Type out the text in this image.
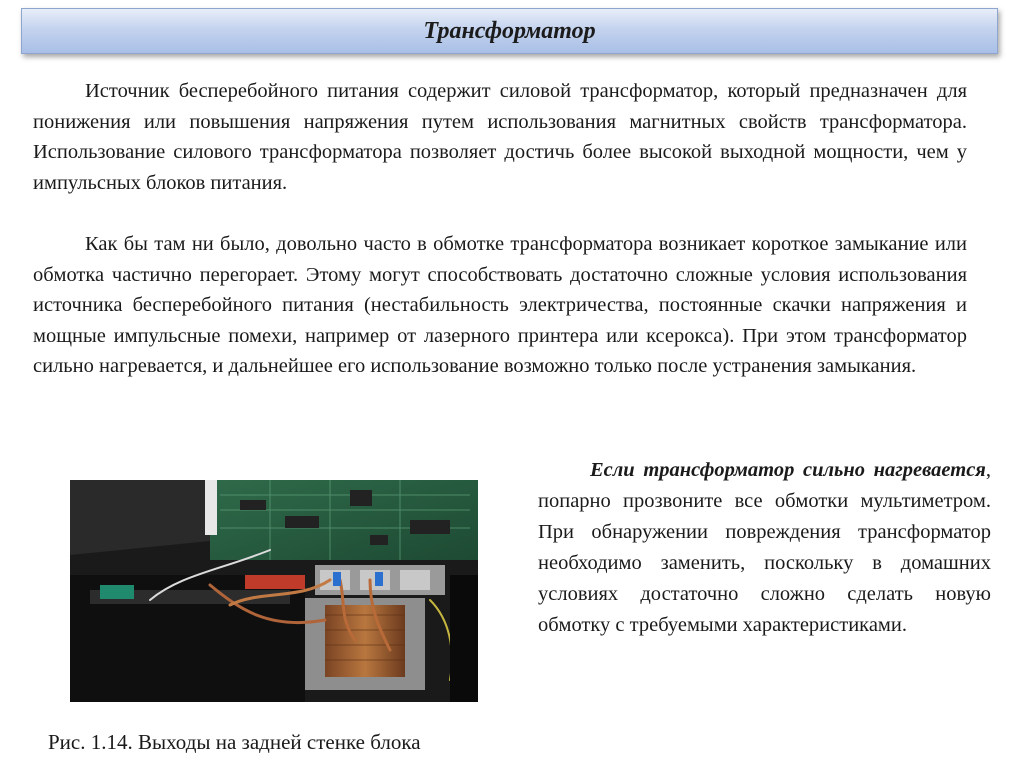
Трансформатор

Источник бесперебойного питания содержит силовой трансформатор, который предназначен для понижения или повышения напряжения путем использования магнитных свойств трансформатора. Использование силового трансформатора позволяет достичь более высокой выходной мощности, чем у импульсных блоков питания.

Как бы там ни было, довольно часто в обмотке трансформатора возникает короткое замыкание или обмотка частично перегорает. Этому могут способствовать достаточно сложные условия использования источника бесперебойного питания (нестабильность электричества, постоянные скачки напряжения и мощные импульсные помехи, например от лазерного принтера или ксерокса). При этом трансформатор сильно нагревается, и дальнейшее его использование возможно только после устранения замыкания.

Рис. 1.14. Выходы на задней стенке блока

Если трансформатор сильно нагревается, попарно прозвоните все обмотки мультиметром. При обнаружении повреждения трансформатор необходимо заменить, поскольку в домашних условиях достаточно сложно сделать новую обмотку с требуемыми характеристиками.
